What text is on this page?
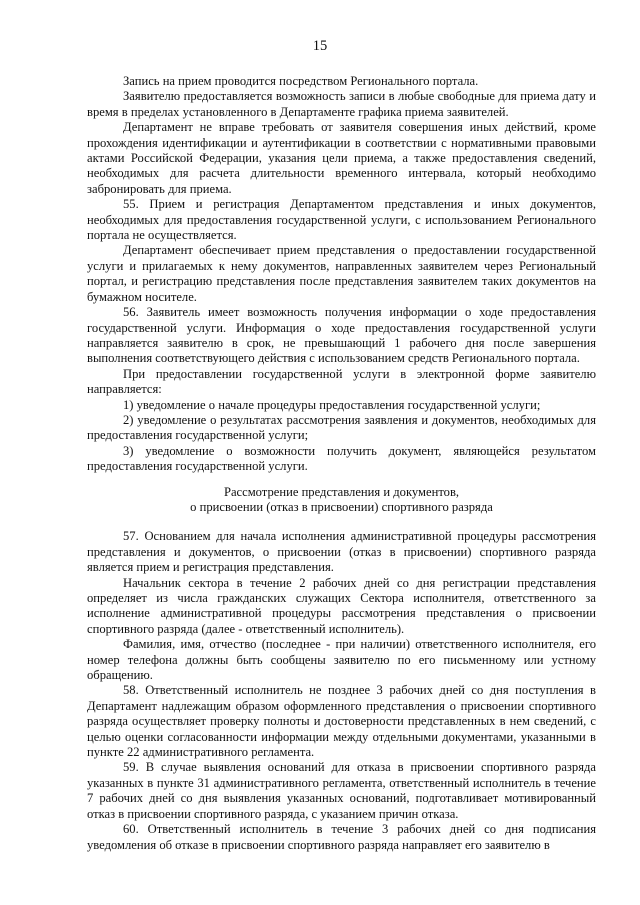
15

Запись на прием проводится посредством Регионального портала.

Заявителю предоставляется возможность записи в любые свободные для приема дату и время в пределах установленного в Департаменте графика приема заявителей.

Департамент не вправе требовать от заявителя совершения иных действий, кроме прохождения идентификации и аутентификации в соответствии с нормативными правовыми актами Российской Федерации, указания цели приема, а также предоставления сведений, необходимых для расчета длительности временного интервала, который необходимо забронировать для приема.

55. Прием и регистрация Департаментом представления и иных документов, необходимых для предоставления государственной услуги, с использованием Регионального портала не осуществляется.

Департамент обеспечивает прием представления о предоставлении государственной услуги и прилагаемых к нему документов, направленных заявителем через Региональный портал, и регистрацию представления после представления заявителем таких документов на бумажном носителе.

56. Заявитель имеет возможность получения информации о ходе предоставления государственной услуги. Информация о ходе предоставления государственной услуги направляется заявителю в срок, не превышающий 1 рабочего дня после завершения выполнения соответствующего действия с использованием средств Регионального портала.

При предоставлении государственной услуги в электронной форме заявителю направляется:

1) уведомление о начале процедуры предоставления государственной услуги;

2) уведомление о результатах рассмотрения заявления и документов, необходимых для предоставления государственной услуги;

3) уведомление о возможности получить документ, являющейся результатом предоставления государственной услуги.

Рассмотрение представления и документов,
о присвоении (отказ в присвоении) спортивного разряда

57. Основанием для начала исполнения административной процедуры рассмотрения представления и документов, о присвоении (отказ в присвоении) спортивного разряда является прием и регистрация представления.

Начальник сектора в течение 2 рабочих дней со дня регистрации представления определяет из числа гражданских служащих Сектора исполнителя, ответственного за исполнение административной процедуры рассмотрения представления о присвоении спортивного разряда (далее - ответственный исполнитель).

Фамилия, имя, отчество (последнее - при наличии) ответственного исполнителя, его номер телефона должны быть сообщены заявителю по его письменному или устному обращению.

58. Ответственный исполнитель не позднее 3 рабочих дней со дня поступления в Департамент надлежащим образом оформленного представления о присвоении спортивного разряда осуществляет проверку полноты и достоверности представленных в нем сведений, с целью оценки согласованности информации между отдельными документами, указанными в пункте 22 административного регламента.

59. В случае выявления оснований для отказа в присвоении спортивного разряда указанных в пункте 31 административного регламента, ответственный исполнитель в течение 7 рабочих дней со дня выявления указанных оснований, подготавливает мотивированный отказ в присвоении спортивного разряда, с указанием причин отказа.

60. Ответственный исполнитель в течение 3 рабочих дней со дня подписания уведомления об отказе в присвоении спортивного разряда направляет его заявителю в
